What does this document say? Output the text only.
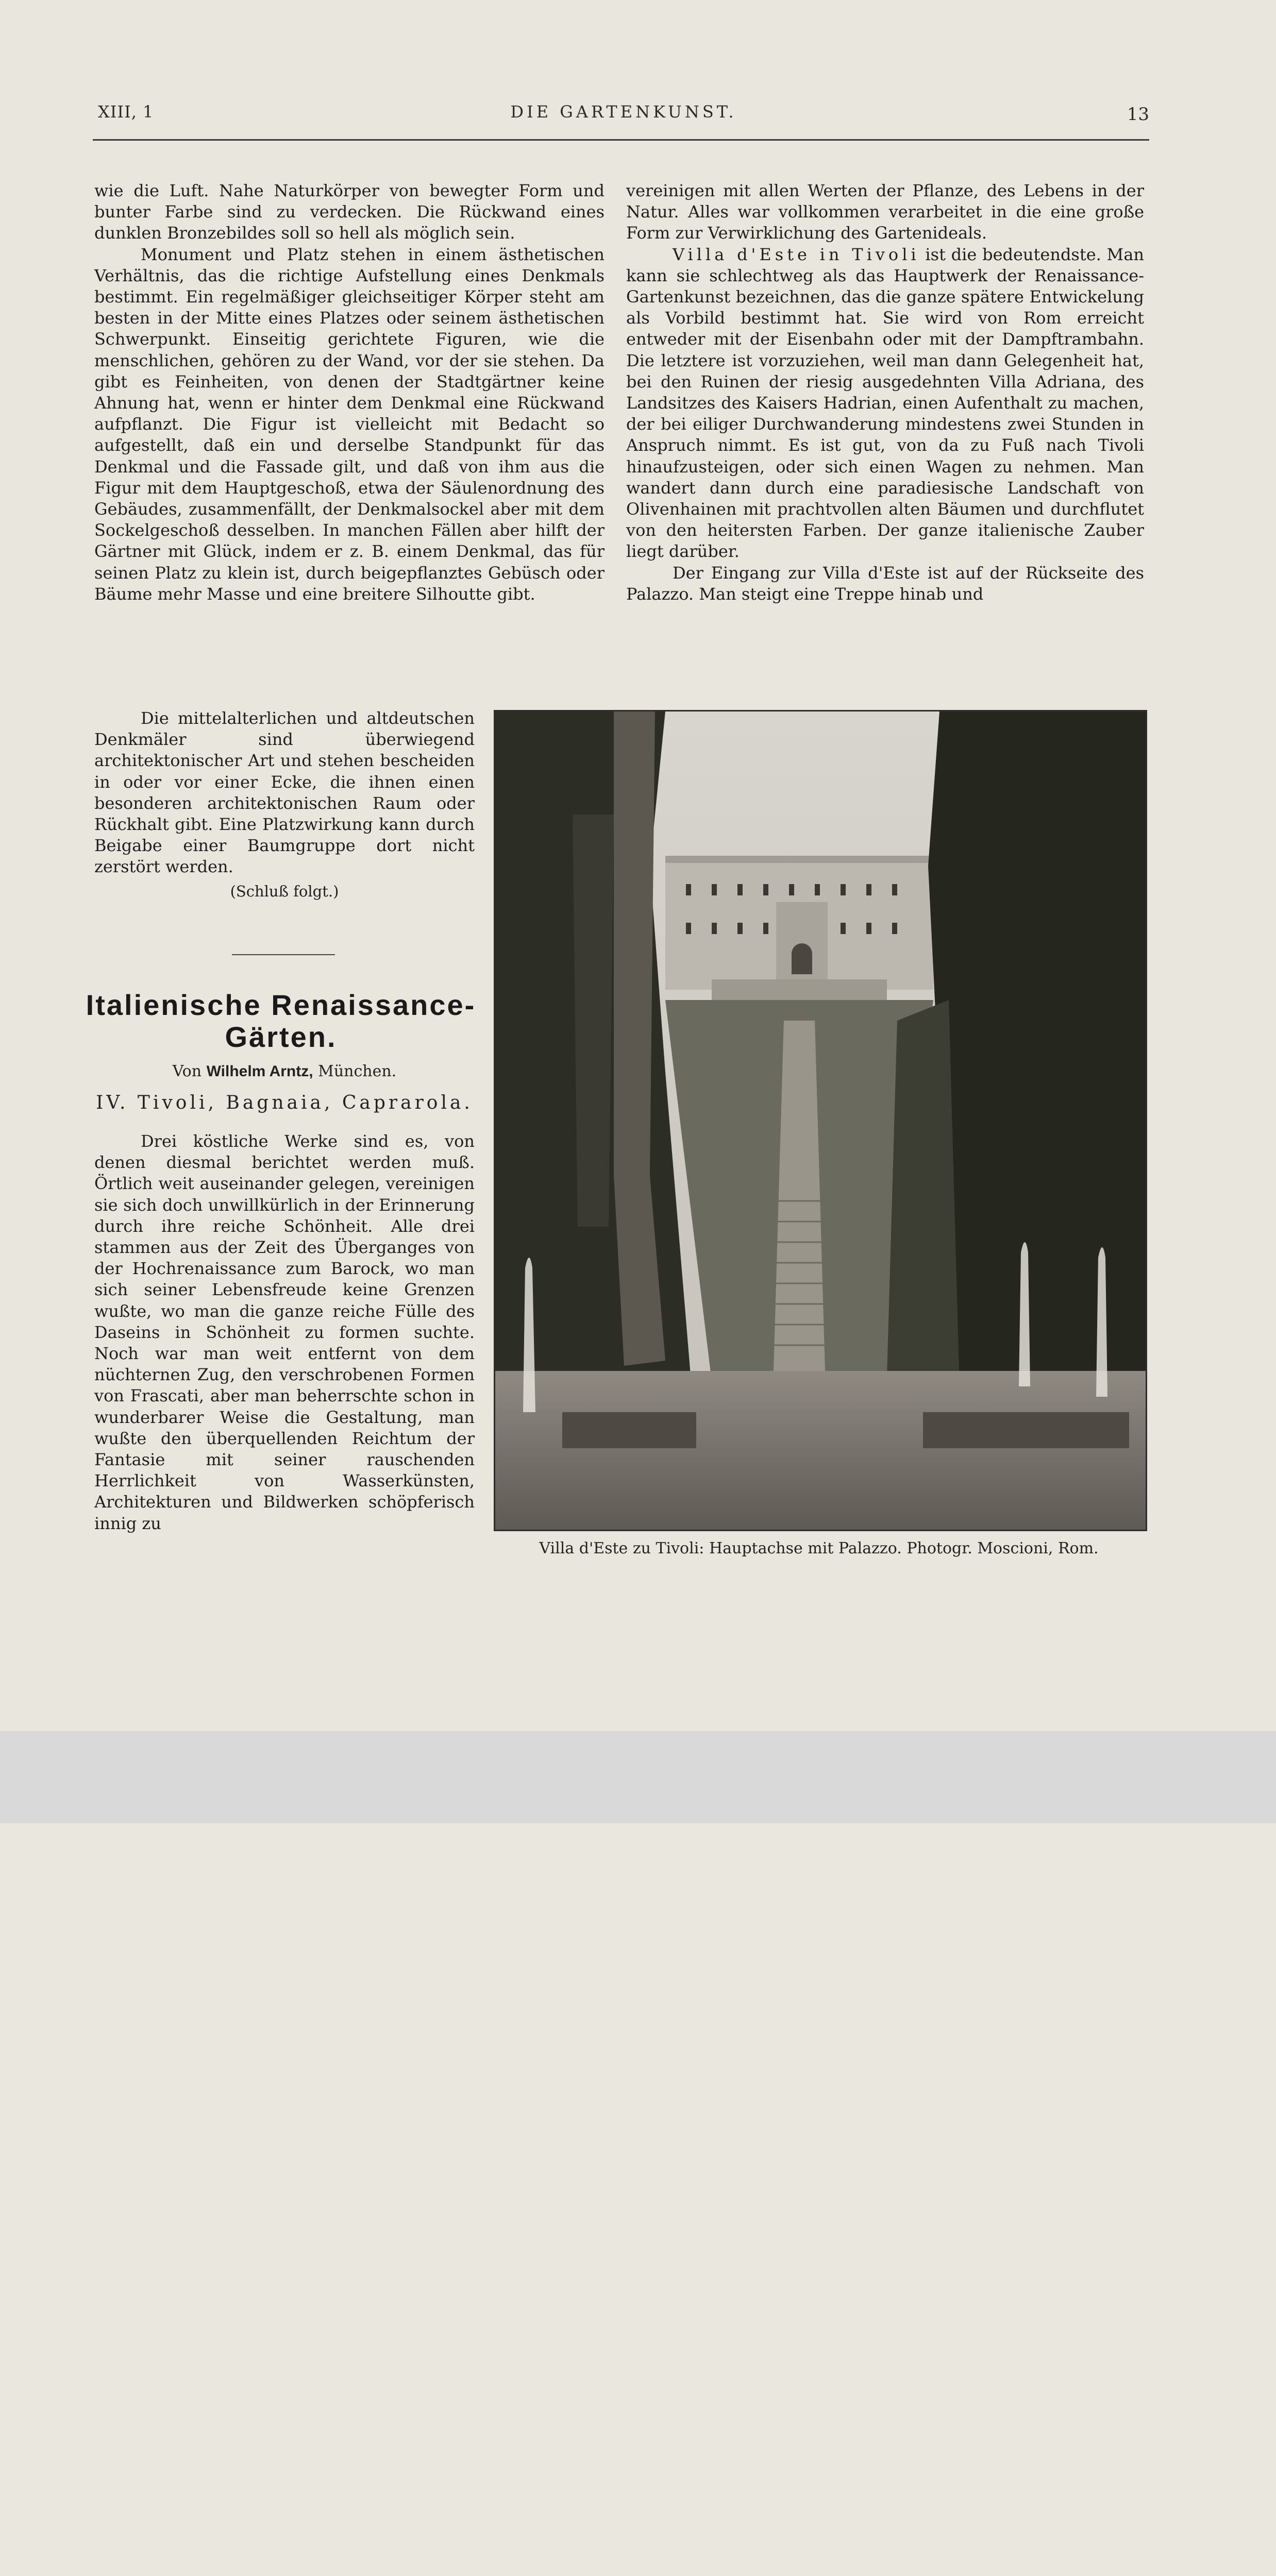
DIE GARTENKUNST.
XIII, 1	13

wie die Luft. Nahe Naturkörper von bewegter Form und bunter Farbe sind zu verdecken. Die Rückwand eines dunklen Bronzebildes soll so hell als möglich sein.

Monument und Platz stehen in einem ästhetischen Verhältnis, das die richtige Aufstellung eines Denkmals bestimmt. Ein regelmäßiger gleichseitiger Körper steht am besten in der Mitte eines Platzes oder seinem ästhetischen Schwerpunkt. Einseitig gerichtete Figuren, wie die menschlichen, gehören zu der Wand, vor der sie stehen. Da gibt es Feinheiten, von denen der Stadtgärtner keine Ahnung hat, wenn er hinter dem Denkmal eine Rückwand aufpflanzt. Die Figur ist vielleicht mit Bedacht so aufgestellt, daß ein und derselbe Standpunkt für das Denkmal und die Fassade gilt, und daß von ihm aus die Figur mit dem Hauptgeschoß, etwa der Säulenordnung des Gebäudes, zusammenfällt, der Denkmalsockel aber mit dem Sockelgeschoß desselben. In manchen Fällen aber hilft der Gärtner mit Glück, indem er z. B. einem Denkmal, das für seinen Platz zu klein ist, durch beigepflanztes Gebüsch oder Bäume mehr Masse und eine breitere Silhoutte gibt.

Die mittelalterlichen und altdeutschen Denkmäler sind überwiegend architektonischer Art und stehen bescheiden in oder vor einer Ecke, die ihnen einen besonderen architektonischen Raum oder Rückhalt gibt. Eine Platzwirkung kann durch Beigabe einer Baumgruppe dort nicht zerstört werden.

(Schluß folgt.)

Italienische Renaissance-
Gärten.
Von Wilhelm Arntz, München.
IV. Tivoli, Bagnaia, Caprarola.

Drei köstliche Werke sind es, von denen diesmal berichtet werden muß. Örtlich weit auseinander gelegen, vereinigen sie sich doch unwillkürlich in der Erinnerung durch ihre reiche Schönheit. Alle drei stammen aus der Zeit des Überganges von der Hochrenaissance zum Barock, wo man sich seiner Lebensfreude keine Grenzen wußte, wo man die ganze reiche Fülle des Daseins in Schönheit zu formen suchte. Noch war man weit entfernt von dem nüchternen Zug, den verschrobenen Formen von Frascati, aber man beherrschte schon in wunderbarer Weise die Gestaltung, man wußte den überquellenden Reichtum der Fantasie mit seiner rauschenden Herrlichkeit von Wasserkünsten, Architekturen und Bildwerken schöpferisch innig zu

vereinigen mit allen Werten der Pflanze, des Lebens in der Natur. Alles war vollkommen verarbeitet in die eine große Form zur Verwirklichung des Gartenideals.

Villa d'Este in Tivoli ist die bedeutendste. Man kann sie schlechtweg als das Hauptwerk der Renaissance-Gartenkunst bezeichnen, das die ganze spätere Entwickelung als Vorbild bestimmt hat. Sie wird von Rom erreicht entweder mit der Eisenbahn oder mit der Dampftrambahn. Die letztere ist vorzuziehen, weil man dann Gelegenheit hat, bei den Ruinen der riesig ausgedehnten Villa Adriana, des Landsitzes des Kaisers Hadrian, einen Aufenthalt zu machen, der bei eiliger Durchwanderung mindestens zwei Stunden in Anspruch nimmt. Es ist gut, von da zu Fuß nach Tivoli hinaufzusteigen, oder sich einen Wagen zu nehmen. Man wandert dann durch eine paradiesische Landschaft von Olivenhainen mit prachtvollen alten Bäumen und durchflutet von den heitersten Farben. Der ganze italienische Zauber liegt darüber.

Der Eingang zur Villa d'Este ist auf der Rückseite des Palazzo. Man steigt eine Treppe hinab und

Villa d'Este zu Tivoli: Hauptachse mit Palazzo. Photogr. Moscioni, Rom.
